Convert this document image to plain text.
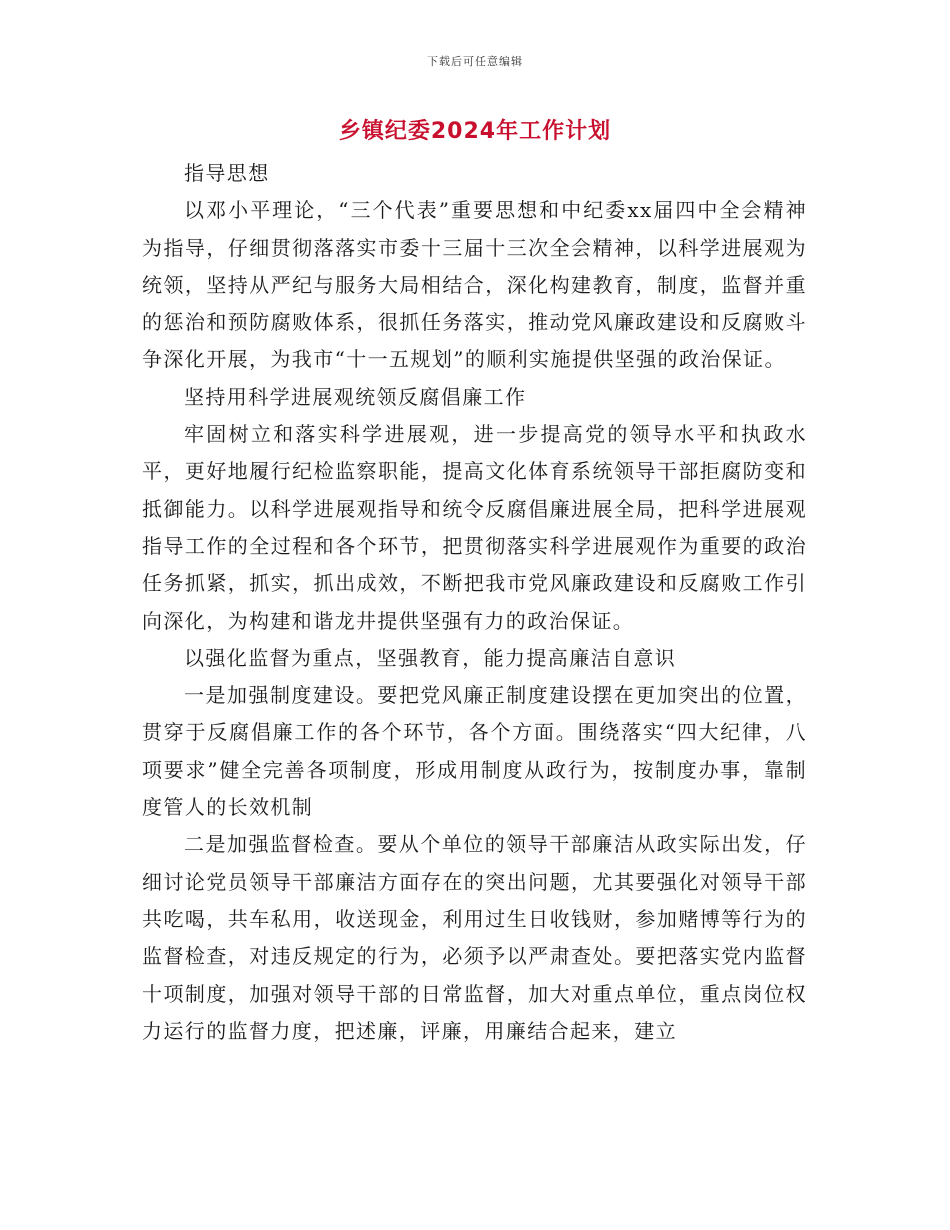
下载后可任意编辑
乡镇纪委2024年工作计划

指导思想

以邓小平理论，“三个代表”重要思想和中纪委xx届四中全会精神为指导，仔细贯彻落落实市委十三届十三次全会精神，以科学进展观为统领，坚持从严纪与服务大局相结合，深化构建教育，制度，监督并重的惩治和预防腐败体系，很抓任务落实，推动党风廉政建设和反腐败斗争深化开展，为我市“十一五规划”的顺利实施提供坚强的政治保证。

坚持用科学进展观统领反腐倡廉工作

牢固树立和落实科学进展观，进一步提高党的领导水平和执政水平，更好地履行纪检监察职能，提高文化体育系统领导干部拒腐防变和抵御能力。以科学进展观指导和统令反腐倡廉进展全局，把科学进展观指导工作的全过程和各个环节，把贯彻落实科学进展观作为重要的政治任务抓紧，抓实，抓出成效，不断把我市党风廉政建设和反腐败工作引向深化，为构建和谐龙井提供坚强有力的政治保证。

以强化监督为重点，坚强教育，能力提高廉洁自意识

一是加强制度建设。要把党风廉正制度建设摆在更加突出的位置，贯穿于反腐倡廉工作的各个环节，各个方面。围绕落实“四大纪律，八项要求”健全完善各项制度，形成用制度从政行为，按制度办事，靠制度管人的长效机制

二是加强监督检查。要从个单位的领导干部廉洁从政实际出发，仔细讨论党员领导干部廉洁方面存在的突出问题，尤其要强化对领导干部共吃喝，共车私用，收送现金，利用过生日收钱财，参加赌博等行为的监督检查，对违反规定的行为，必须予以严肃查处。要把落实党内监督十项制度，加强对领导干部的日常监督，加大对重点单位，重点岗位权力运行的监督力度，把述廉，评廉，用廉结合起来，建立
